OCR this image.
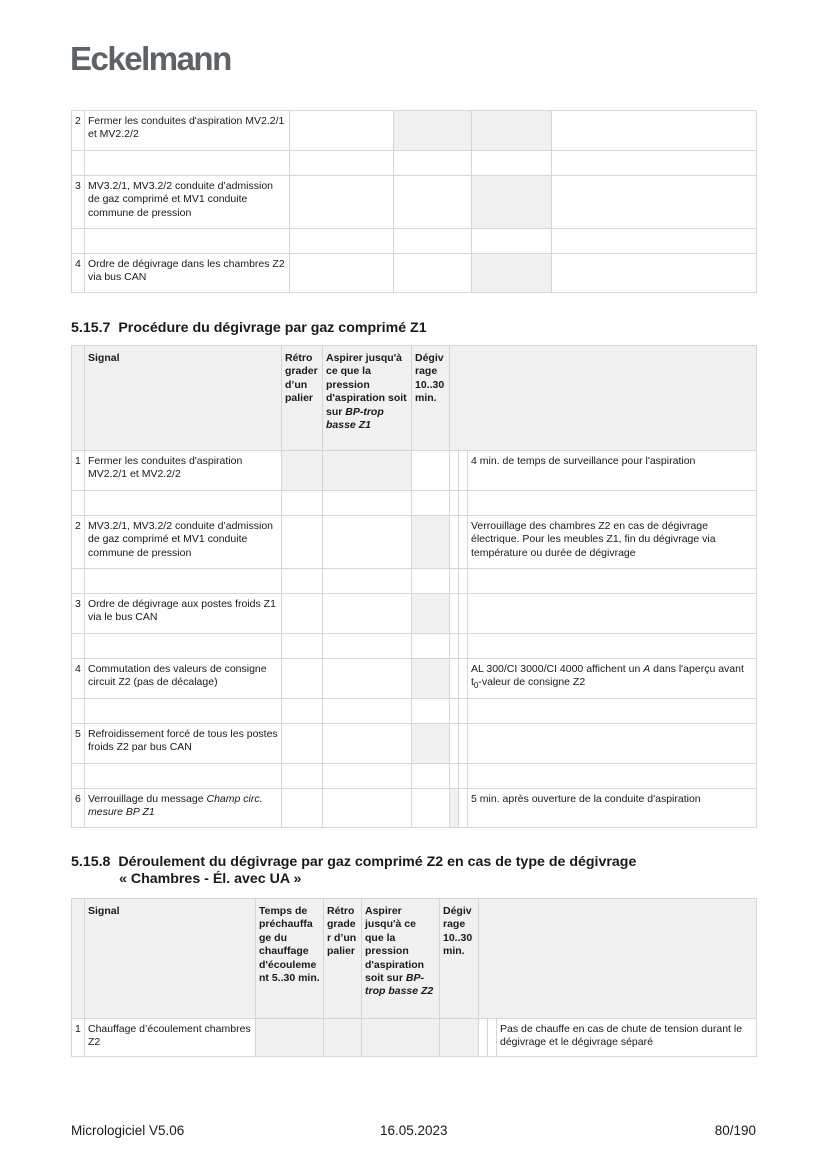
Eckelmann
2	Fermer les conduites d'aspiration MV2.2/1 et MV2.2/2				

3	MV3.2/1, MV3.2/2 conduite d’admission de gaz comprimé et MV1 conduite commune de pression				

4	Ordre de dégivrage dans les chambres Z2 via bus CAN				
5.15.7 Procédure du dégivrage par gaz comprimé Z1
	Signal	Rétro grader d’un palier	Aspirer jusqu'à ce que la pression d'aspiration soit sur BP-trop basse Z1	Dégiv rage 10..30 min.			
1	Fermer les conduites d'aspiration MV2.2/1 et MV2.2/2						4 min. de temps de surveillance pour l'aspiration

2	MV3.2/1, MV3.2/2 conduite d’admission de gaz comprimé et MV1 conduite commune de pression						Verrouillage des chambres Z2 en cas de dégivrage électrique. Pour les meubles Z1, fin du dégivrage via température ou durée de dégivrage

3	Ordre de dégivrage aux postes froids Z1 via le bus CAN						

4	Commutation des valeurs de consigne circuit Z2 (pas de décalage)						AL 300/CI 3000/CI 4000 affichent un A dans l'aperçu avant $t_0$-valeur de consigne Z2

5	Refroidissement forcé de tous les postes froids Z2 par bus CAN						

6	Verrouillage du message Champ circ. mesure BP Z1						5 min. après ouverture de la conduite d'aspiration
5.15.8 Déroulement du dégivrage par gaz comprimé Z2 en cas de type de dégivrage
« Chambres - Él. avec UA »
	Signal	Temps de préchauffa ge du chauffage d'écouleme nt 5..30 min.	Rétro grade r d’un palier	Aspirer jusqu'à ce que la pression d'aspiration soit sur BP-trop basse Z2	Dégiv rage 10..30 min.			
1	Chauffage d’écoulement chambres Z2							Pas de chauffe en cas de chute de tension durant le dégivrage et le dégivrage séparé
Micrologiciel V5.06	16.05.2023	80/190
